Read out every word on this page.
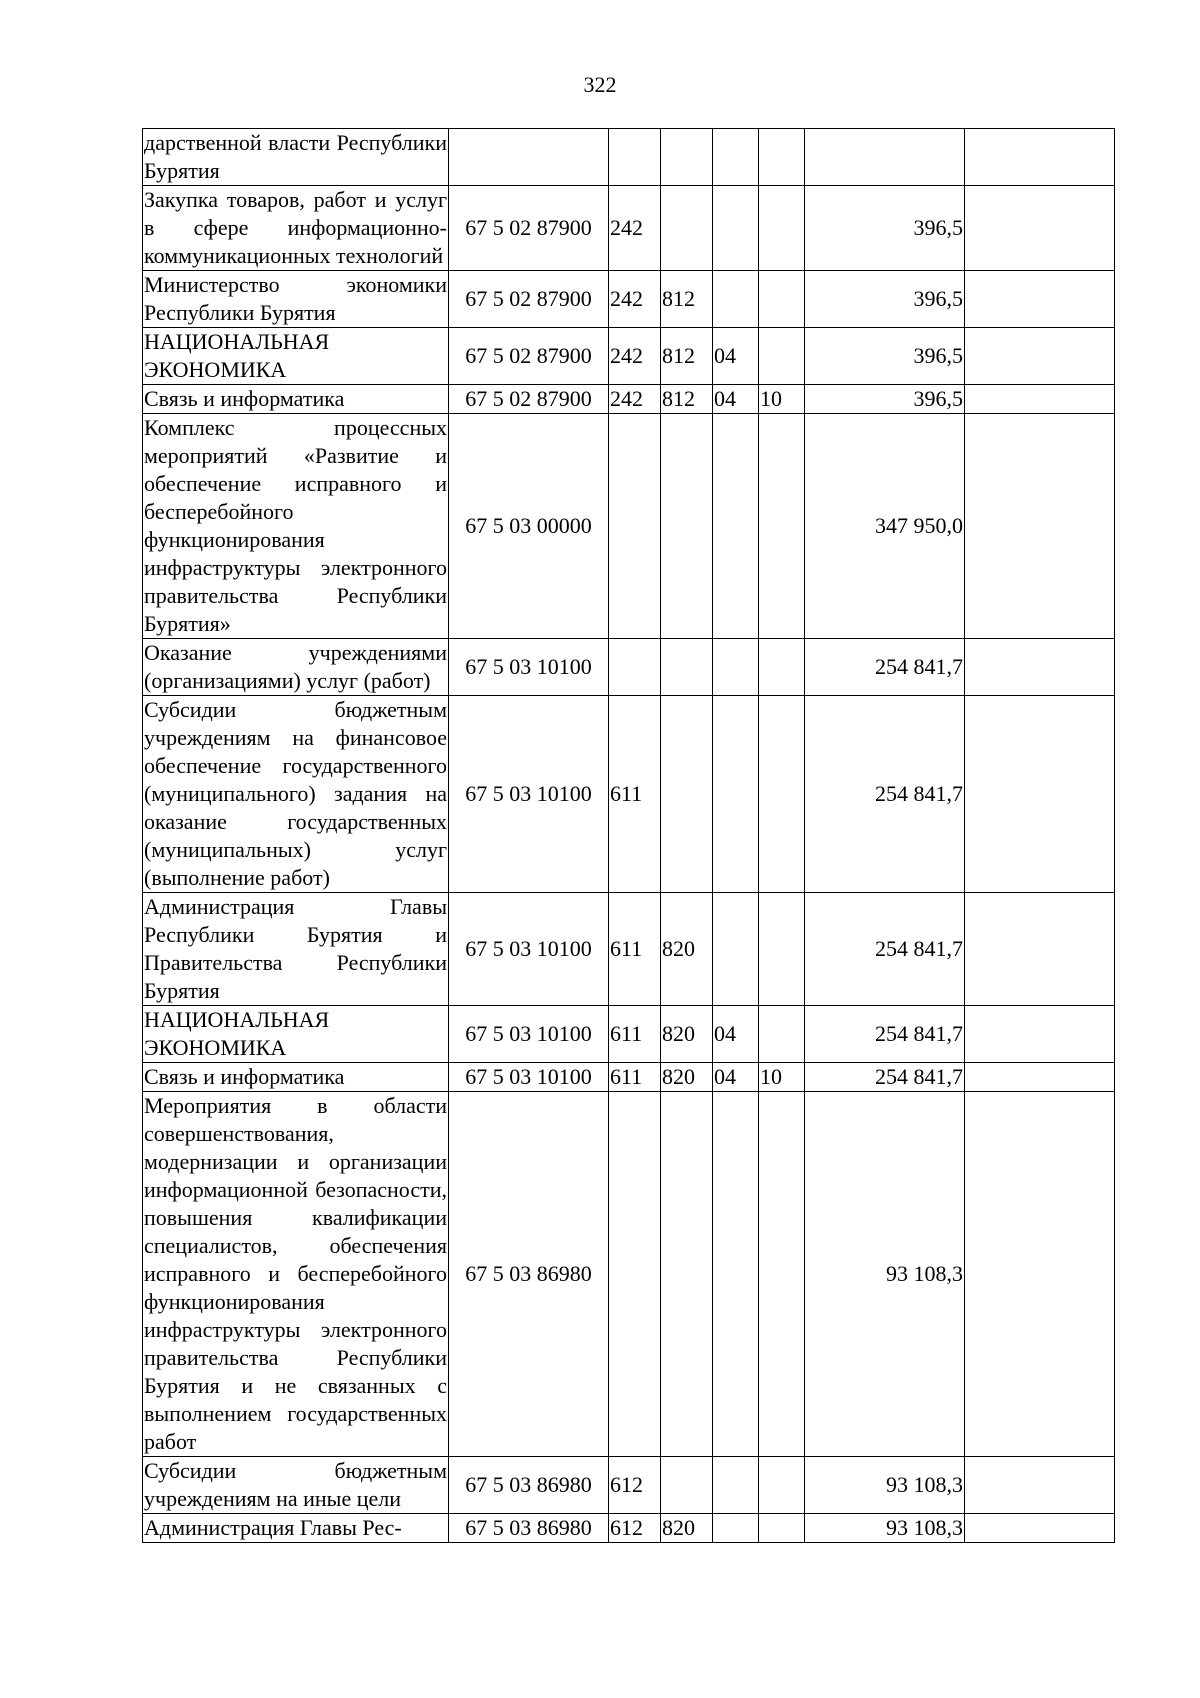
322
дарственной власти Республики Бурятия							
Закупка товаров, работ и услуг в сфере информационно-коммуникационных технологий	67 5 02 87900	242				396,5	
Министерство экономики Республики Бурятия	67 5 02 87900	242	812			396,5	
НАЦИОНАЛЬНАЯ ЭКОНОМИКА	67 5 02 87900	242	812	04		396,5	
Связь и информатика	67 5 02 87900	242	812	04	10	396,5	
Комплекс процессных мероприятий «Развитие и обеспечение исправного и бесперебойного функционирования инфраструктуры электронного правительства Республики Бурятия»	67 5 03 00000					347 950,0	
Оказание учреждениями (организациями) услуг (работ)	67 5 03 10100					254 841,7	
Субсидии бюджетным учреждениям на финансовое обеспечение государственного (муниципального) задания на оказание государственных (муниципальных) услуг (выполнение работ)	67 5 03 10100	611				254 841,7	
Администрация Главы Республики Бурятия и Правительства Республики Бурятия	67 5 03 10100	611	820			254 841,7	
НАЦИОНАЛЬНАЯ ЭКОНОМИКА	67 5 03 10100	611	820	04		254 841,7	
Связь и информатика	67 5 03 10100	611	820	04	10	254 841,7	
Мероприятия в области совершенствования, модернизации и организации информационной безопасности, повышения квалификации специалистов, обеспечения исправного и бесперебойного функционирования инфраструктуры электронного правительства Республики Бурятия и не связанных с выполнением государственных работ	67 5 03 86980					93 108,3	
Субсидии бюджетным учреждениям на иные цели	67 5 03 86980	612				93 108,3	
Администрация Главы Рес-	67 5 03 86980	612	820			93 108,3	
